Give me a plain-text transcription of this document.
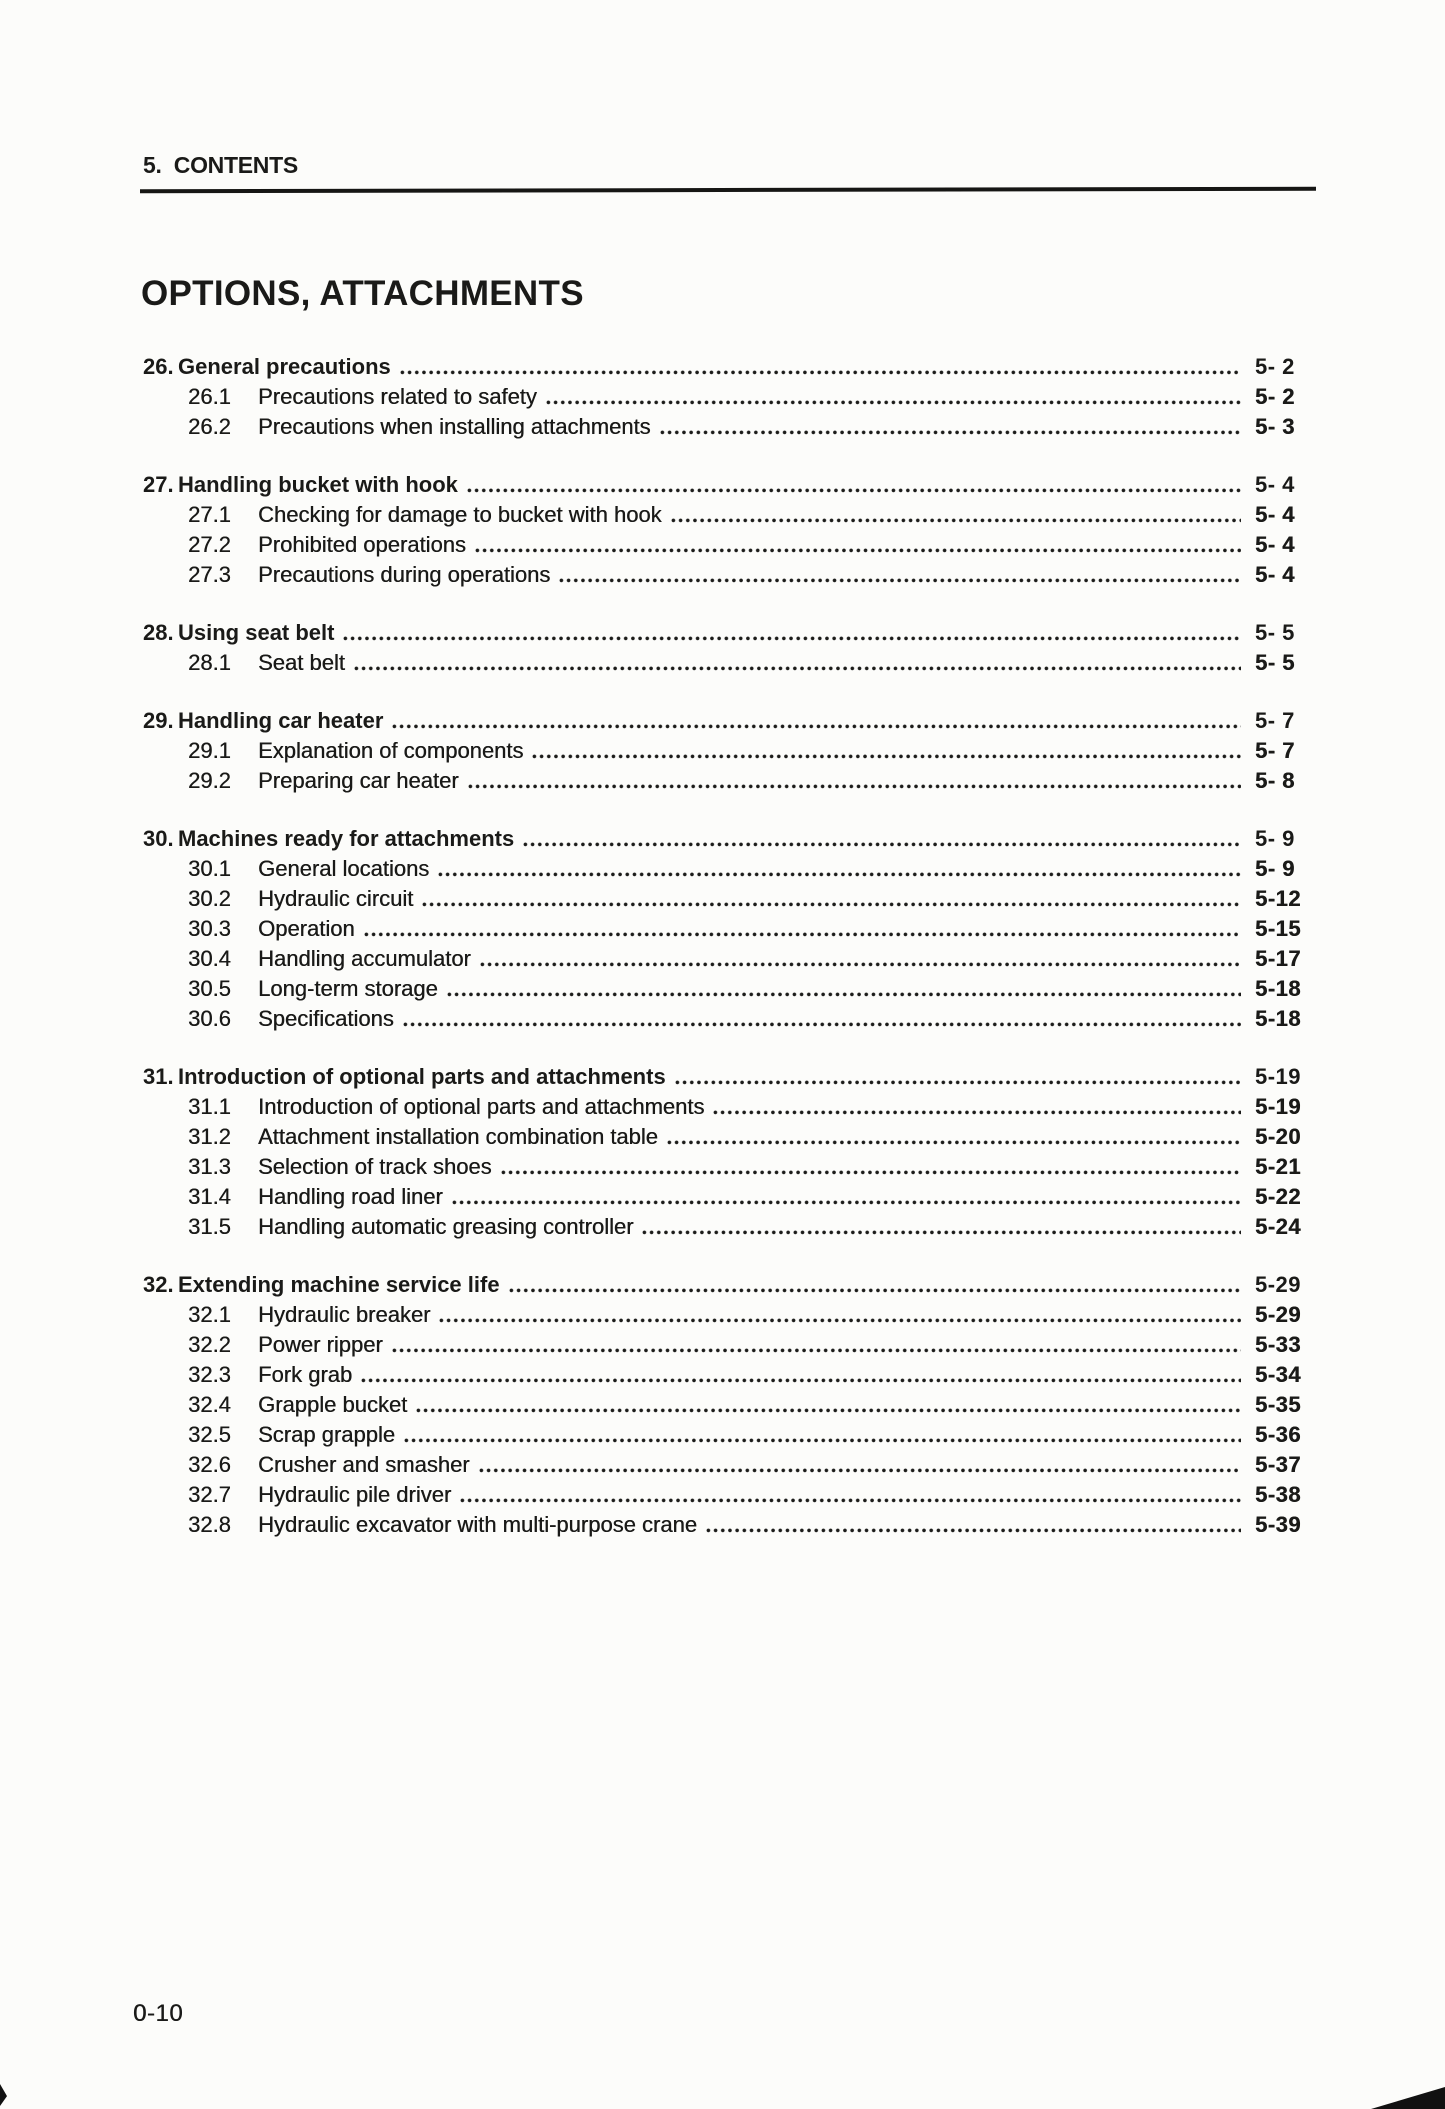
5.  CONTENTS
OPTIONS, ATTACHMENTS
26. General precautions	5- 2
26.1	Precautions related to safety	5- 2
26.2	Precautions when installing attachments	5- 3
27. Handling bucket with hook	5- 4
27.1	Checking for damage to bucket with hook	5- 4
27.2	Prohibited operations	5- 4
27.3	Precautions during operations	5- 4
28. Using seat belt	5- 5
28.1	Seat belt	5- 5
29. Handling car heater	5- 7
29.1	Explanation of components	5- 7
29.2	Preparing car heater	5- 8
30. Machines ready for attachments	5- 9
30.1	General locations	5- 9
30.2	Hydraulic circuit	5-12
30.3	Operation	5-15
30.4	Handling accumulator	5-17
30.5	Long-term storage	5-18
30.6	Specifications	5-18
31. Introduction of optional parts and attachments	5-19
31.1	Introduction of optional parts and attachments	5-19
31.2	Attachment installation combination table	5-20
31.3	Selection of track shoes	5-21
31.4	Handling road liner	5-22
31.5	Handling automatic greasing controller	5-24
32. Extending machine service life	5-29
32.1	Hydraulic breaker	5-29
32.2	Power ripper	5-33
32.3	Fork grab	5-34
32.4	Grapple bucket	5-35
32.5	Scrap grapple	5-36
32.6	Crusher and smasher	5-37
32.7	Hydraulic pile driver	5-38
32.8	Hydraulic excavator with multi-purpose crane	5-39
0-10
